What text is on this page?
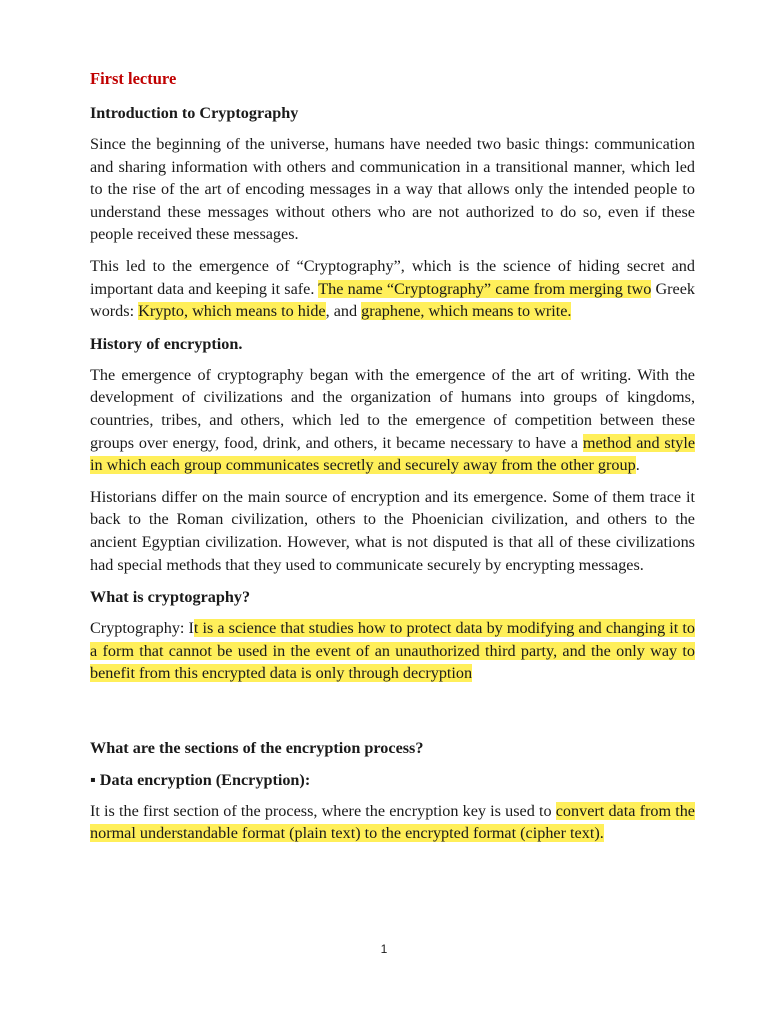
First lecture
Introduction to Cryptography
Since the beginning of the universe, humans have needed two basic things: communication and sharing information with others and communication in a transitional manner, which led to the rise of the art of encoding messages in a way that allows only the intended people to understand these messages without others who are not authorized to do so, even if these people received these messages.
This led to the emergence of “Cryptography”, which is the science of hiding secret and important data and keeping it safe. The name “Cryptography” came from merging two Greek words: Krypto, which means to hide, and graphene, which means to write.
History of encryption.
The emergence of cryptography began with the emergence of the art of writing. With the development of civilizations and the organization of humans into groups of kingdoms, countries, tribes, and others, which led to the emergence of competition between these groups over energy, food, drink, and others, it became necessary to have a method and style in which each group communicates secretly and securely away from the other group.
Historians differ on the main source of encryption and its emergence. Some of them trace it back to the Roman civilization, others to the Phoenician civilization, and others to the ancient Egyptian civilization. However, what is not disputed is that all of these civilizations had special methods that they used to communicate securely by encrypting messages.
What is cryptography?
Cryptography: It is a science that studies how to protect data by modifying and changing it to a form that cannot be used in the event of an unauthorized third party, and the only way to benefit from this encrypted data is only through decryption
What are the sections of the encryption process?
▪ Data encryption (Encryption):
It is the first section of the process, where the encryption key is used to convert data from the normal understandable format (plain text) to the encrypted format (cipher text).
1
